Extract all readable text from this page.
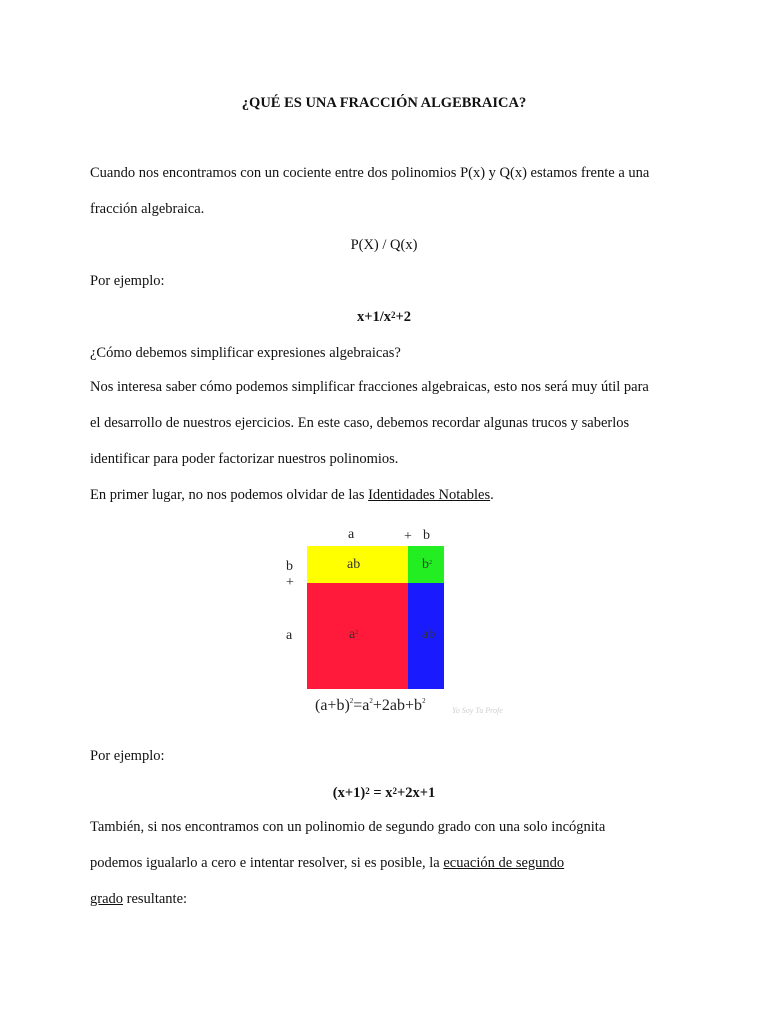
¿QUÉ ES UNA FRACCIÓN ALGEBRAICA?
Cuando nos encontramos con un cociente entre dos polinomios P(x) y Q(x) estamos frente a una
fracción algebraica.
P(X) / Q(x)
Por ejemplo:
$x+1/x^2+2$
¿Cómo debemos simplificar expresiones algebraicas?
Nos interesa saber cómo podemos simplificar fracciones algebraicas, esto nos será muy útil para
el desarrollo de nuestros ejercicios. En este caso, debemos recordar algunas trucos y saberlos
identificar para poder factorizar nuestros polinomios.
En primer lugar, no nos podemos olvidar de las Identidades Notables.
a	+ b
b
+
a
ab	$b^2$
$a^2$	ab
$(a+b)^2=a^2+2ab+b^2$
Yo Soy Tu Profe
Por ejemplo:
$(x+1)^2 = x^2+2x+1$
También, si nos encontramos con un polinomio de segundo grado con una solo incógnita
podemos igualarlo a cero e intentar resolver, si es posible, la ecuación de segundo
grado resultante:
